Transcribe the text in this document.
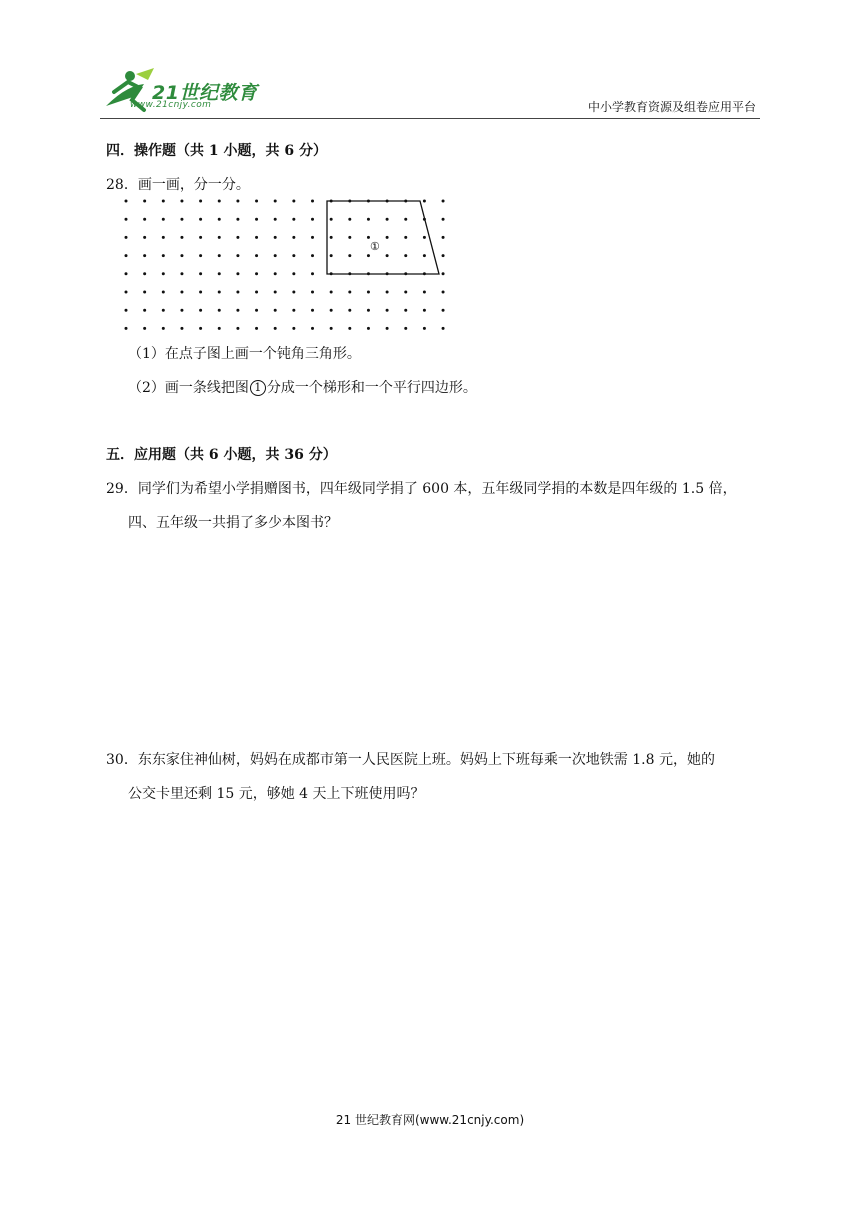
21世纪教育
www.21cnjy.com	中小学教育资源及组卷应用平台
四．操作题（共 1 小题，共 6 分）
28．画一画，分一分。
①
（1）在点子图上画一个钝角三角形。
（2）画一条线把图 1 分成一个梯形和一个平行四边形。
五．应用题（共 6 小题，共 36 分）
29．同学们为希望小学捐赠图书，四年级同学捐了 600 本，五年级同学捐的本数是四年级的 1.5 倍，
四、五年级一共捐了多少本图书？
30．东东家住神仙树，妈妈在成都市第一人民医院上班。妈妈上下班每乘一次地铁需 1.8 元，她的
公交卡里还剩 15 元，够她 4 天上下班使用吗？
21 世纪教育网(www.21cnjy.com)
